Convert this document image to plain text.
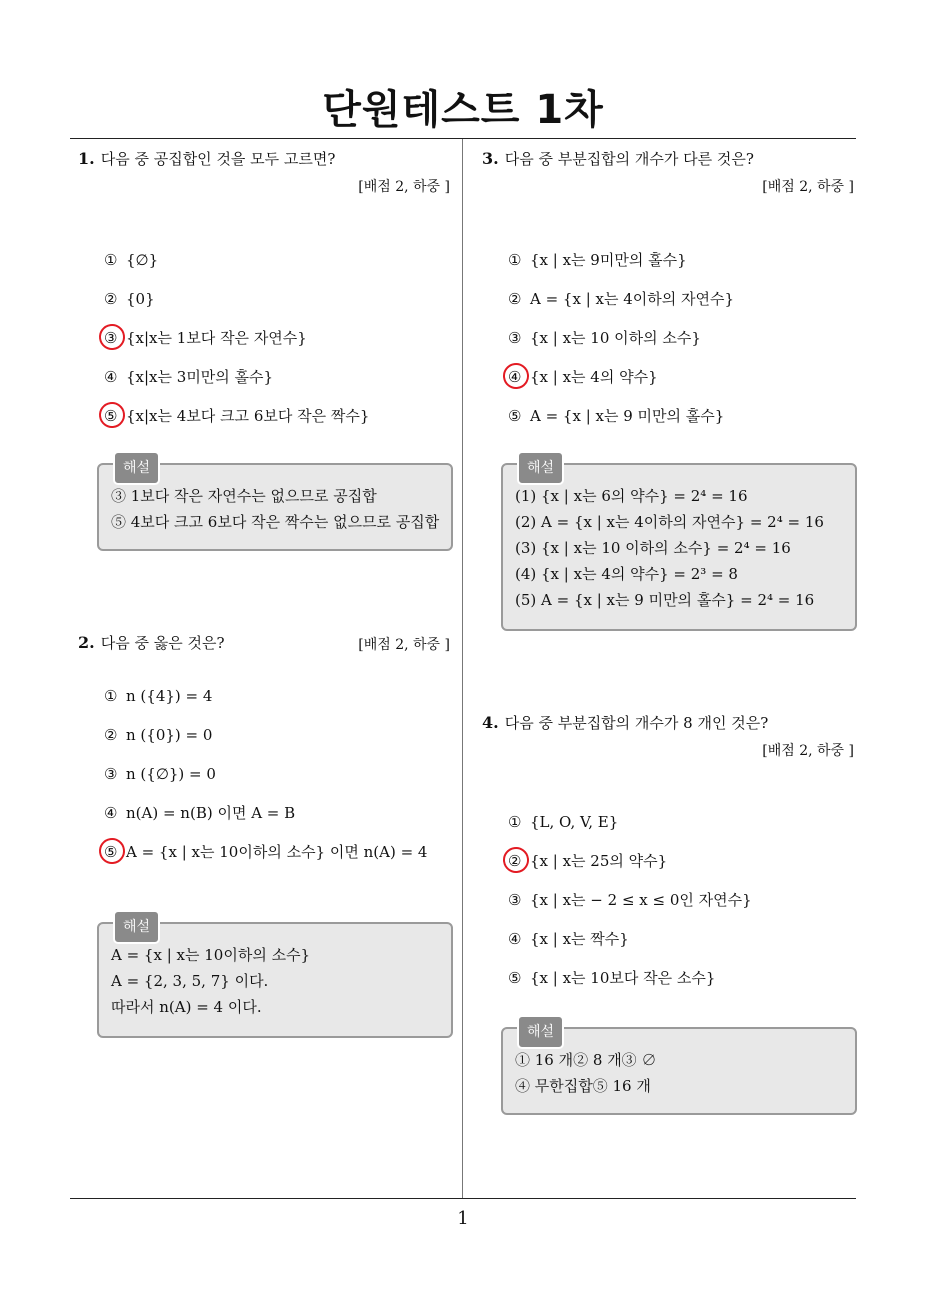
단원테스트 1차
1
1. 다음 중 공집합인 것을 모두 고르면?
[배점 2, 하중 ]
① {∅}
② {0}
③ {x|x는 1보다 작은 자연수}
④ {x|x는 3미만의 홀수}
⑤ {x|x는 4보다 크고 6보다 작은 짝수}
해설
③ 1보다 작은 자연수는 없으므로 공집합
⑤ 4보다 크고 6보다 작은 짝수는 없으므로 공집합
2. 다음 중 옳은 것은?	[배점 2, 하중 ]
① n ({4}) = 4
② n ({0}) = 0
③ n ({∅}) = 0
④ n(A) = n(B) 이면 A = B
⑤ A = {x | x는 10이하의 소수} 이면 n(A) = 4
해설
A = {x | x는 10이하의 소수}
A = {2, 3, 5, 7} 이다.
따라서 n(A) = 4 이다.
3. 다음 중 부분집합의 개수가 다른 것은?
[배점 2, 하중 ]
① {x | x는 9미만의 홀수}
② A = {x | x는 4이하의 자연수}
③ {x | x는 10 이하의 소수}
④ {x | x는 4의 약수}
⑤ A = {x | x는 9 미만의 홀수}
해설
(1) {x | x는 6의 약수} = 2⁴ = 16
(2) A = {x | x는 4이하의 자연수} = 2⁴ = 16
(3) {x | x는 10 이하의 소수} = 2⁴ = 16
(4) {x | x는 4의 약수} = 2³ = 8
(5) A = {x | x는 9 미만의 홀수} = 2⁴ = 16
4. 다음 중 부분집합의 개수가 8 개인 것은?
[배점 2, 하중 ]
① {L, O, V, E}
② {x | x는 25의 약수}
③ {x | x는 − 2 ≤ x ≤ 0인 자연수}
④ {x | x는 짝수}
⑤ {x | x는 10보다 작은 소수}
해설
① 16 개② 8 개③ ∅
④ 무한집합⑤ 16 개
